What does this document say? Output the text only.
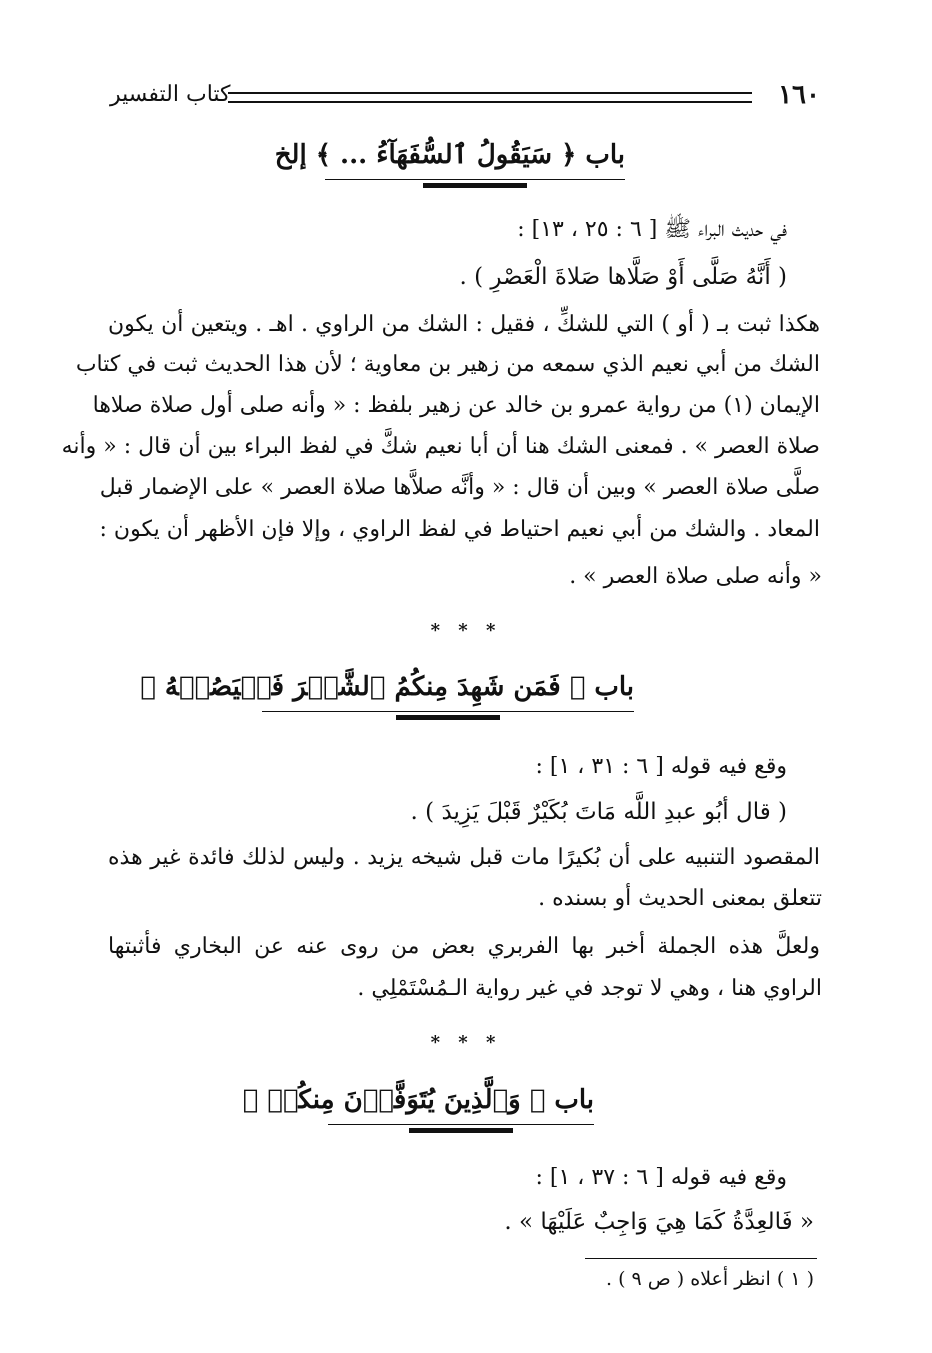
١٦٠
كتاب التفسير
باب ﴿ سَيَقُولُ ٱلسُّفَهَآءُ ... ﴾ إلخ
في حديث البراء ﷺ [ ٦ : ٢٥ ، ١٣] :
( أَنَّهُ صَلَّى أَوْ صَلَّاها صَلاةَ الْعَصْرِ ) .
هكذا ثبت بـ ( أو ) التي للشكِّ ، فقيل : الشك من الراوي . اهـ . ويتعين أن يكون
الشك من أبي نعيم الذي سمعه من زهير بن معاوية ؛ لأن هذا الحديث ثبت في كتاب
الإيمان (١) من رواية عمرو بن خالد عن زهير بلفظ : « وأنه صلى أول صلاة صلاها
صلاة العصر » . فمعنى الشك هنا أن أبا نعيم شكَّ في لفظ البراء بين أن قال : « وأنه
صلَّى صلاة العصر » وبين أن قال : « وأنَّه صلاَّها صلاة العصر » على الإضمار قبل
المعاد . والشك من أبي نعيم احتياط في لفظ الراوي ، وإلا فإن الأظهر أن يكون :
« وأنه صلى صلاة العصر » .
* * *
باب ﴿ فَمَن شَهِدَ مِنكُمُ ٱلشَّهۡرَ فَلۡيَصُمۡهُ ﴾
وقع فيه قوله [ ٦ : ٣١ ، ١] :
( قال أبُو عبدِ اللَّه مَاتَ بُكَيْرٌ قَبْلَ يَزِيدَ ) .
المقصود التنبيه على أن بُكيرًا مات قبل شيخه يزيد . وليس لذلك فائدة غير هذه
تتعلق بمعنى الحديث أو بسنده .
ولعلَّ هذه الجملة أخبر بها الفربري بعض من روى عنه عن البخاري فأثبتها
الراوي هنا ، وهي لا توجد في غير رواية الـمُسْتَمْلِي .
* * *
باب ﴿ وَٱلَّذِينَ يُتَوَفَّوۡنَ مِنكُمۡ ﴾
وقع فيه قوله [ ٦ : ٣٧ ، ١] :
« فَالعِدَّةُ كَمَا هِيَ وَاجِبٌ عَلَيْهَا » .
( ١ ) انظر أعلاه ( ص ٩ ) .
